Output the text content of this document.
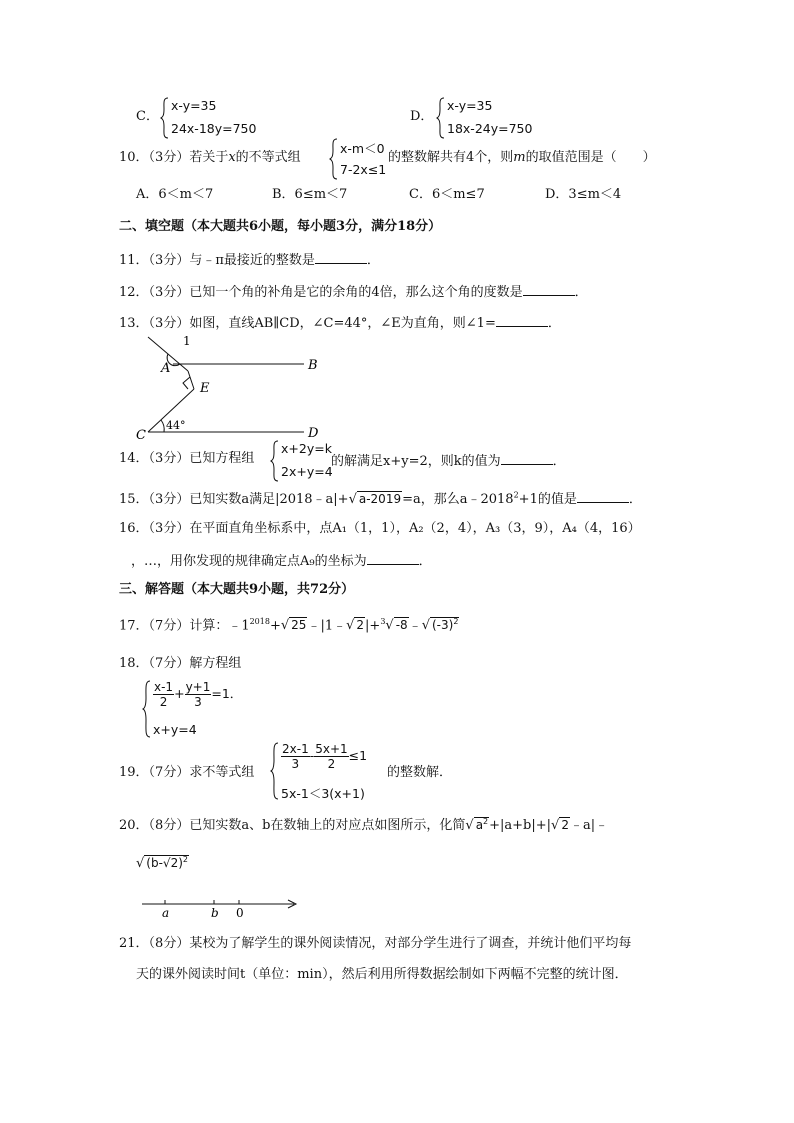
C．
x-y=35
24x-18y=750
D．
x-y=35
18x-24y=750
10．（3分）若关于x的不等式组
x-m＜0
7-2x≤1
的整数解共有4个，则m的取值范围是（　　）
A．6＜m＜7	B．6≤m＜7	C．6＜m≤7	D．3≤m＜4
二、填空题（本大题共6小题，每小题3分，满分18分）
11．（3分）与﹣π最接近的整数是	．
12．（3分）已知一个角的补角是它的余角的4倍，那么这个角的度数是	．
13．（3分）如图，直线AB∥CD，∠C=44°，∠E为直角，则∠1=	．
1
A	B
E
C	D
44°
14．（3分）已知方程组
x+2y=k
2x+y=4
的解满足x+y=2，则k的值为	．
15．（3分）已知实数a满足|2018﹣a|+√ a-2019=a，那么$a﹣2018^2+1$的值是	．
16．（3分）在平面直角坐标系中，点A₁（1，1），A₂（2，4），A₃（3，9），A₄（4，16）
，…，用你发现的规律确定点A₉的坐标为	．
三、解答题（本大题共9小题，共72分）
17．（7分）计算：$﹣1^{2018}+√$ 25﹣|1﹣√ 2|+$^3$√ -8﹣√ $(-3)^2$
18．（7分）解方程组
$\frac{x-1}{2} + \frac{y+1}{3} =1$．
x+y=4
19．（7分）求不等式组
$\frac{2x-1}{3} - \frac{5x+1}{2} \le 1$
5x-1＜3(x+1)
的整数解．
20．（8分）已知实数a、b在数轴上的对应点如图所示，化简√ $a^2+|a+b|+|√$ 2﹣a|﹣
√ $(b-√2)^2$
a	b 0
21．（8分）某校为了解学生的课外阅读情况，对部分学生进行了调查，并统计他们平均每
天的课外阅读时间t（单位：min），然后利用所得数据绘制如下两幅不完整的统计图．
